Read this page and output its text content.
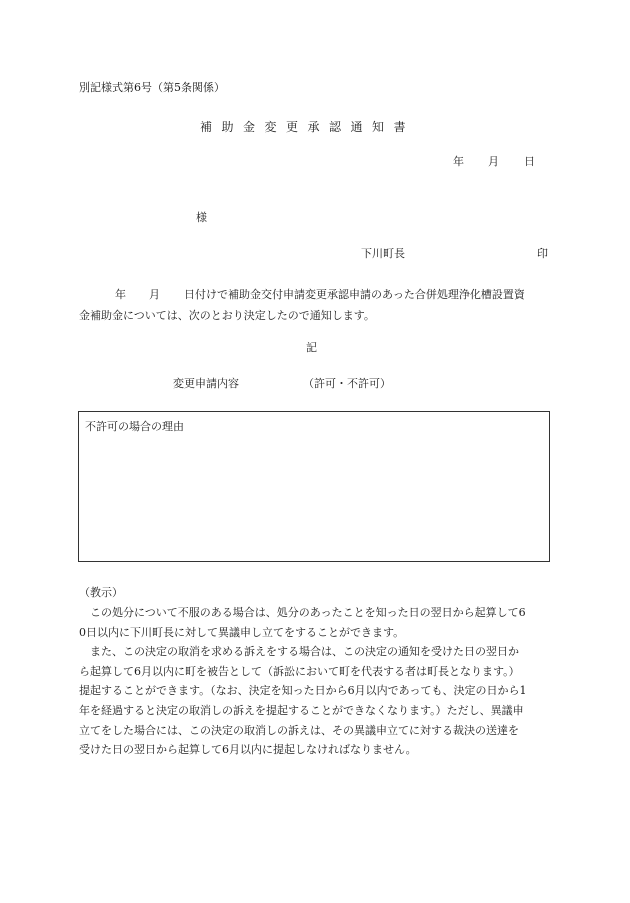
別記様式第6号（第5条関係）
補助金変更承認通知書
年 月 日
様
下川町長	印
年 月 日付けで補助金交付申請変更承認申請のあった合併処理浄化槽設置資
金補助金については、次のとおり決定したので通知します。
記
変更申請内容	（許可・不許可）
不許可の場合の理由
（教示）
　この処分について不服のある場合は、処分のあったことを知った日の翌日から起算して6
0日以内に下川町長に対して異議申し立てをすることができます。
　また、この決定の取消を求める訴えをする場合は、この決定の通知を受けた日の翌日か
ら起算して6月以内に町を被告として（訴訟において町を代表する者は町長となります。）
提起することができます。（なお、決定を知った日から6月以内であっても、決定の日から1
年を経過すると決定の取消しの訴えを提起することができなくなります。）ただし、異議申
立てをした場合には、この決定の取消しの訴えは、その異議申立てに対する裁決の送達を
受けた日の翌日から起算して6月以内に提起しなければなりません。
